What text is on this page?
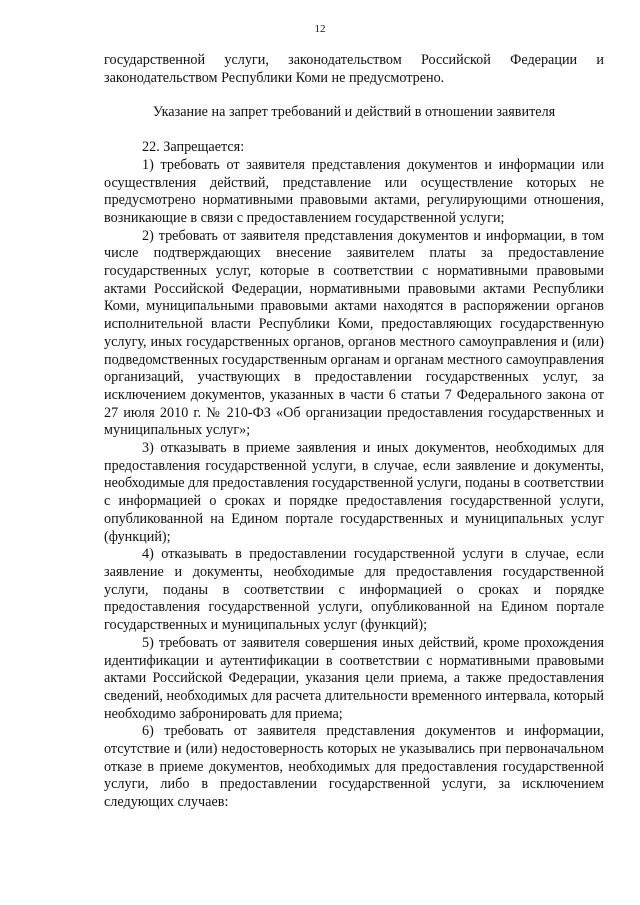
12

государственной услуги, законодательством Российской Федерации и законодательством Республики Коми не предусмотрено.

Указание на запрет требований и действий в отношении заявителя

22. Запрещается:

1) требовать от заявителя представления документов и информации или осуществления действий, представление или осуществление которых не предусмотрено нормативными правовыми актами, регулирующими отношения, возникающие в связи с предоставлением государственной услуги;

2) требовать от заявителя представления документов и информации, в том числе подтверждающих внесение заявителем платы за предоставление государственных услуг, которые в соответствии с нормативными правовыми актами Российской Федерации, нормативными правовыми актами Республики Коми, муниципальными правовыми актами находятся в распоряжении органов исполнительной власти Республики Коми, предоставляющих государственную услугу, иных государственных органов, органов местного самоуправления и (или) подведомственных государственным органам и органам местного самоуправления организаций, участвующих в предоставлении государственных услуг, за исключением документов, указанных в части 6 статьи 7 Федерального закона от 27 июля 2010 г. № 210-ФЗ «Об организации предоставления государственных и муниципальных услуг»;

3) отказывать в приеме заявления и иных документов, необходимых для предоставления государственной услуги, в случае, если заявление и документы, необходимые для предоставления государственной услуги, поданы в соответствии с информацией о сроках и порядке предоставления государственной услуги, опубликованной на Едином портале государственных и муниципальных услуг (функций);

4) отказывать в предоставлении государственной услуги в случае, если заявление и документы, необходимые для предоставления государственной услуги, поданы в соответствии с информацией о сроках и порядке предоставления государственной услуги, опубликованной на Едином портале государственных и муниципальных услуг (функций);

5) требовать от заявителя совершения иных действий, кроме прохождения идентификации и аутентификации в соответствии с нормативными правовыми актами Российской Федерации, указания цели приема, а также предоставления сведений, необходимых для расчета длительности временного интервала, который необходимо забронировать для приема;

6) требовать от заявителя представления документов и информации, отсутствие и (или) недостоверность которых не указывались при первоначальном отказе в приеме документов, необходимых для предоставления государственной услуги, либо в предоставлении государственной услуги, за исключением следующих случаев:
